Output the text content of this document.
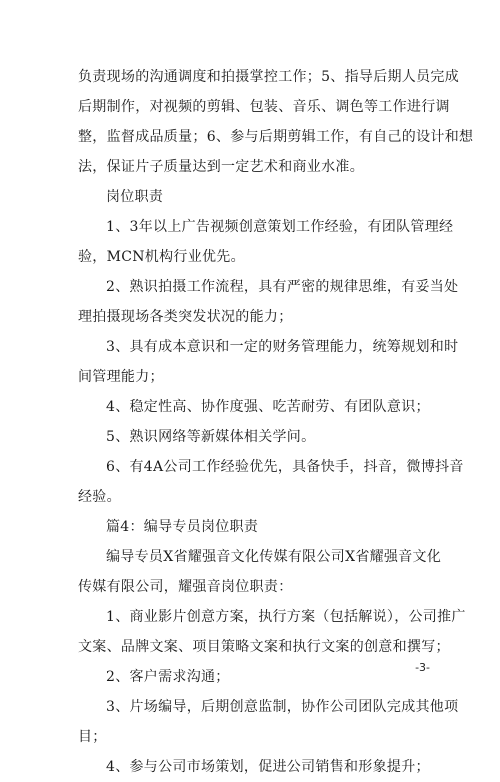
负责现场的沟通调度和拍摄掌控工作；5、指导后期人员完成
后期制作，对视频的剪辑、包装、音乐、调色等工作进行调
整，监督成品质量；6、参与后期剪辑工作，有自己的设计和想
法，保证片子质量达到一定艺术和商业水准。
岗位职责
1、3年以上广告视频创意策划工作经验，有团队管理经
验，MCN机构行业优先。
2、熟识拍摄工作流程，具有严密的规律思维，有妥当处
理拍摄现场各类突发状况的能力；
3、具有成本意识和一定的财务管理能力，统筹规划和时
间管理能力；
4、稳定性高、协作度强、吃苦耐劳、有团队意识；
5、熟识网络等新媒体相关学问。
6、有4A公司工作经验优先，具备快手，抖音，微博抖音
经验。
篇4：编导专员岗位职责
编导专员X省耀强音文化传媒有限公司X省耀强音文化
传媒有限公司，耀强音岗位职责：
1、商业影片创意方案，执行方案（包括解说），公司推广
文案、品牌文案、项目策略文案和执行文案的创意和撰写；
2、客户需求沟通；
3、片场编导，后期创意监制，协作公司团队完成其他项
目；
4、参与公司市场策划，促进公司销售和形象提升；
-3-
